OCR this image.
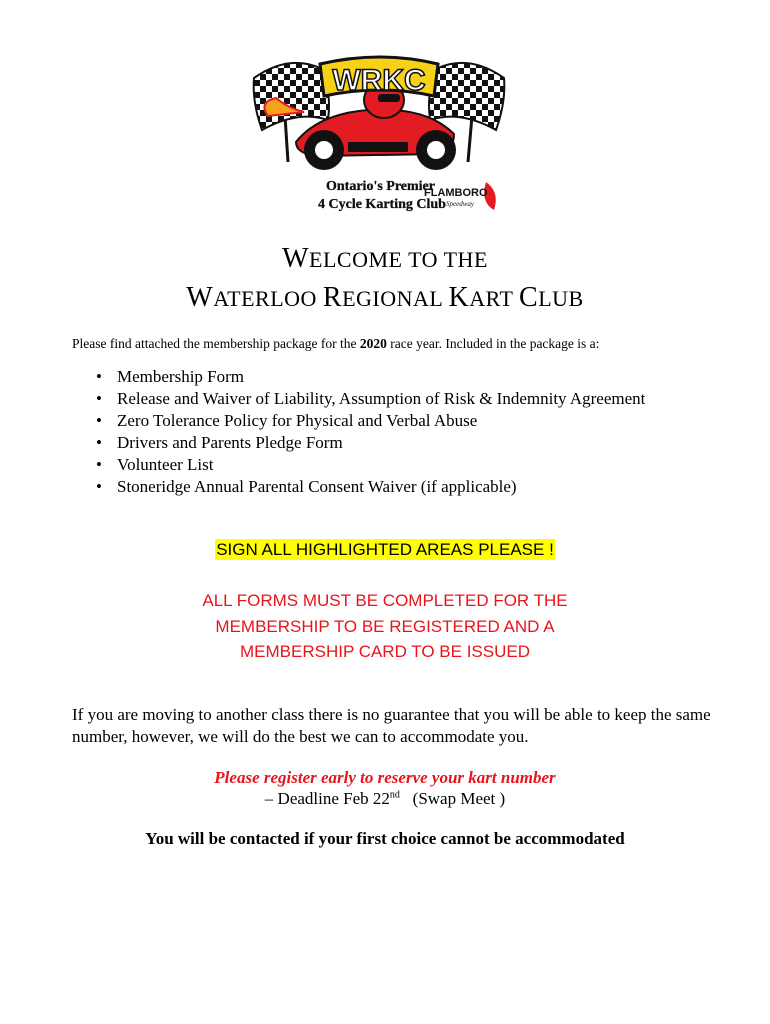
WRKC
Ontario's Premier
4 Cycle Karting Club
FLAMBORO
Speedway
WELCOME TO THE
WATERLOO REGIONAL KART CLUB
Please find attached the membership package for the 2020 race year. Included in the package is a:
• Membership Form
• Release and Waiver of Liability, Assumption of Risk & Indemnity Agreement
• Zero Tolerance Policy for Physical and Verbal Abuse
• Drivers and Parents Pledge Form
• Volunteer List
• Stoneridge Annual Parental Consent Waiver (if applicable)
SIGN ALL HIGHLIGHTED AREAS PLEASE !
ALL FORMS MUST BE COMPLETED FOR THE
MEMBERSHIP TO BE REGISTERED AND A
MEMBERSHIP CARD TO BE ISSUED
If you are moving to another class there is no guarantee that you will be able to keep the same number, however, we will do the best we can to accommodate you.
Please register early to reserve your kart number
– Deadline Feb 22nd   (Swap Meet )
You will be contacted if your first choice cannot be accommodated
